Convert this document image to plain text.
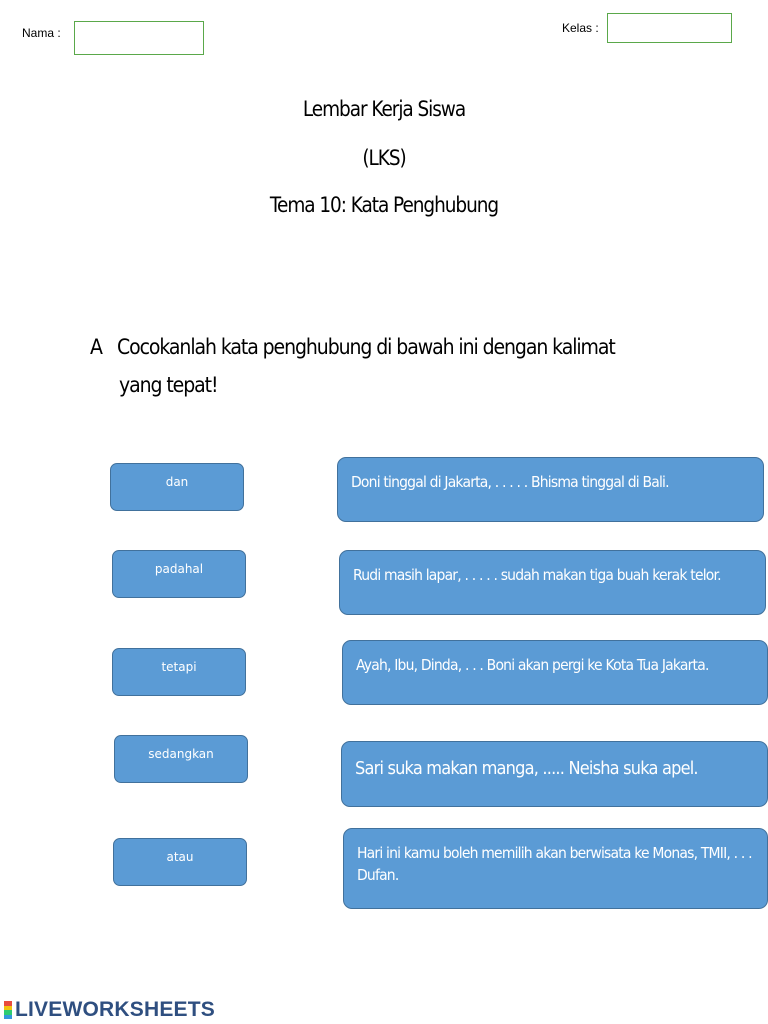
Nama :	Kelas :
Lembar Kerja Siswa
(LKS)
Tema 10: Kata Penghubung
A Cocokanlah kata penghubung di bawah ini dengan kalimat
yang tepat!
dan
padahal
tetapi
sedangkan
atau
Doni tinggal di Jakarta, . . . . . Bhisma tinggal di Bali.
Rudi masih lapar, . . . . . sudah makan tiga buah kerak telor.
Ayah, Ibu, Dinda, . . . Boni akan pergi ke Kota Tua Jakarta.
Sari suka makan manga, ..... Neisha suka apel.
Hari ini kamu boleh memilih akan berwisata ke Monas, TMII, . . . Dufan.
LIVEWORKSHEETS
